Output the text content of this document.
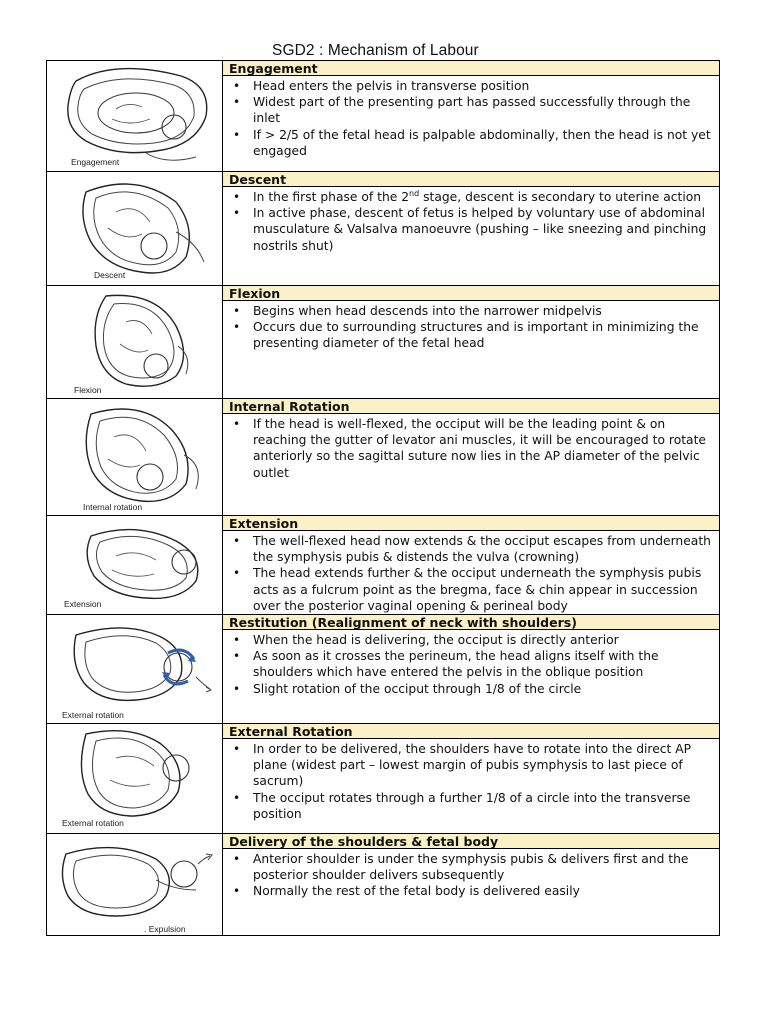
SGD2 : Mechanism of Labour
Engagement
Engagement
• Head enters the pelvis in transverse position
• Widest part of the presenting part has passed successfully through the inlet
• If > 2/5 of the fetal head is palpable abdominally, then the head is not yet engaged
Descent
Descent
• In the first phase of the 2nd stage, descent is secondary to uterine action
• In active phase, descent of fetus is helped by voluntary use of abdominal musculature & Valsalva manoeuvre (pushing – like sneezing and pinching nostrils shut)
Flexion
Flexion
• Begins when head descends into the narrower midpelvis
• Occurs due to surrounding structures and is important in minimizing the presenting diameter of the fetal head
Internal rotation
Internal Rotation
• If the head is well-flexed, the occiput will be the leading point & on reaching the gutter of levator ani muscles, it will be encouraged to rotate anteriorly so the sagittal suture now lies in the AP diameter of the pelvic outlet
Extension
Extension
• The well-flexed head now extends & the occiput escapes from underneath the symphysis pubis & distends the vulva (crowning)
• The head extends further & the occiput underneath the symphysis pubis acts as a fulcrum point as the bregma, face & chin appear in succession over the posterior vaginal opening & perineal body
External rotation
Restitution (Realignment of neck with shoulders)
• When the head is delivering, the occiput is directly anterior
• As soon as it crosses the perineum, the head aligns itself with the shoulders which have entered the pelvis in the oblique position
• Slight rotation of the occiput through 1/8 of the circle
External rotation
External Rotation
• In order to be delivered, the shoulders have to rotate into the direct AP plane (widest part – lowest margin of pubis symphysis to last piece of sacrum)
• The occiput rotates through a further 1/8 of a circle into the transverse position
. Expulsion
Delivery of the shoulders & fetal body
• Anterior shoulder is under the symphysis pubis & delivers first and the posterior shoulder delivers subsequently
• Normally the rest of the fetal body is delivered easily
